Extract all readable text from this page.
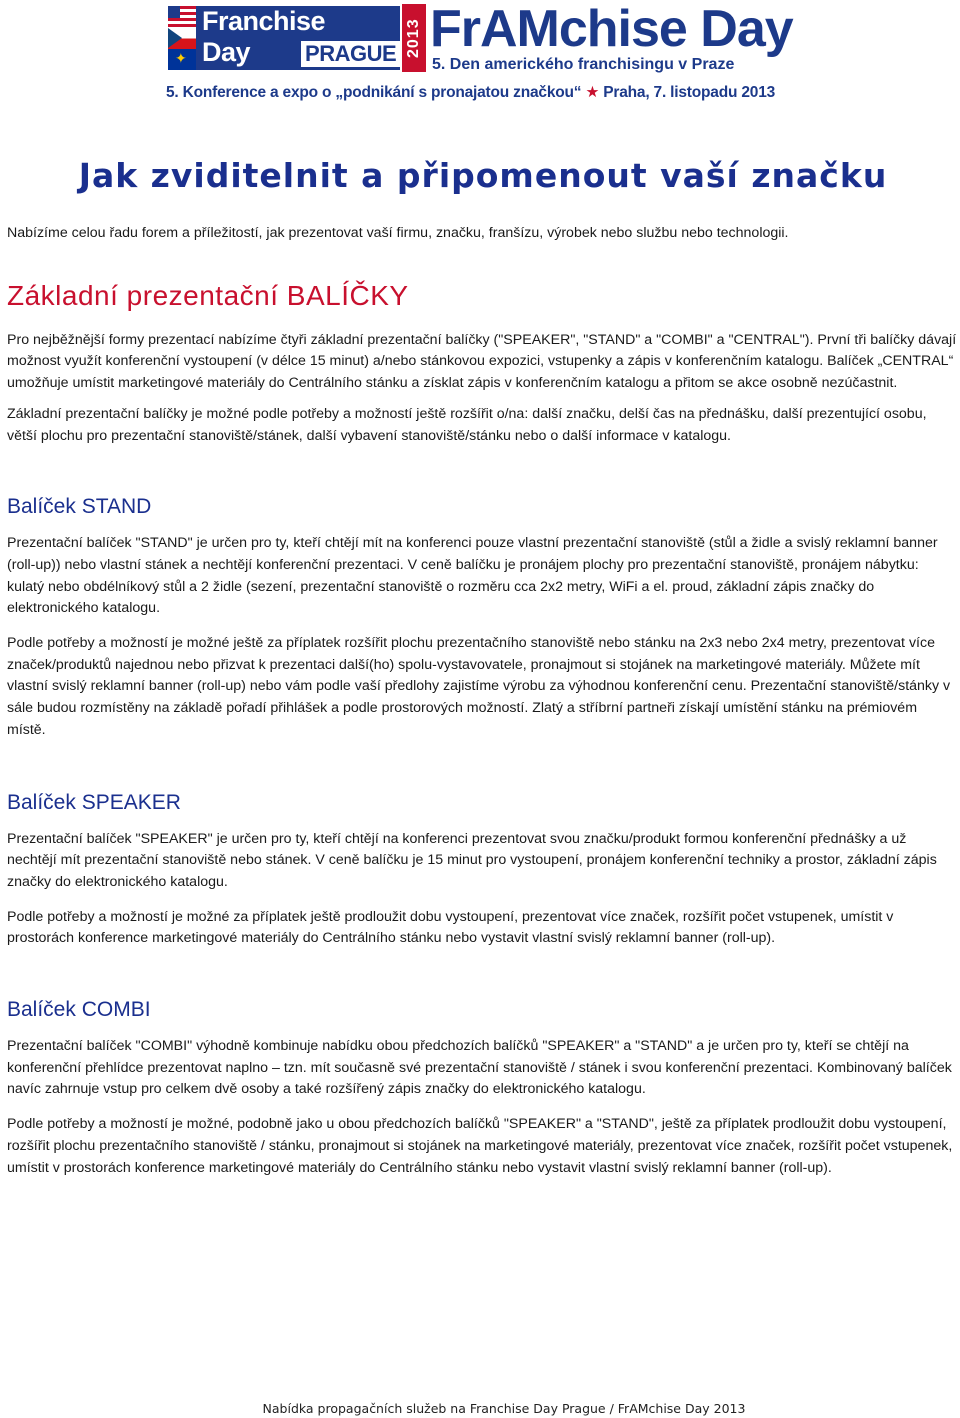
✦
Franchise
Day	PRAGUE 2013 FrAMchise Day
5. Den amerického franchisingu v Praze
5. Konference a expo o „podnikání s pronajatou značkou“ ★ Praha, 7. listopadu 2013
Jak zviditelnit a připomenout vaší značku

Nabízíme celou řadu forem a příležitostí, jak prezentovat vaší firmu, značku, franšízu, výrobek nebo službu nebo technologii.

Základní prezentační BALÍČKY

Pro nejběžnější formy prezentací nabízíme čtyři základní prezentační balíčky ("SPEAKER", "STAND" a "COMBI" a "CENTRAL"). První tři balíčky dávají možnost využít konferenční vystoupení (v délce 15 minut) a/nebo stánkovou expozici, vstupenky a zápis v konferenčním katalogu. Balíček „CENTRAL“ umožňuje umístit marketingové materiály do Centrálního stánku a získlat zápis v konferenčním katalogu a přitom se akce osobně nezúčastnit.

Základní prezentační balíčky je možné podle potřeby a možností ještě rozšířit o/na: další značku, delší čas na přednášku, další prezentující osobu, větší plochu pro prezentační stanoviště/stánek, další vybavení stanoviště/stánku nebo o další informace v katalogu.

Balíček STAND

Prezentační balíček "STAND" je určen pro ty, kteří chtějí mít na konferenci pouze vlastní prezentační stanoviště (stůl a židle a svislý reklamní banner (roll-up)) nebo vlastní stánek a nechtějí konferenční prezentaci. V ceně balíčku je pronájem plochy pro prezentační stanoviště, pronájem nábytku: kulatý nebo obdélníkový stůl a 2 židle (sezení, prezentační stanoviště o rozměru cca 2x2 metry, WiFi a el. proud, základní zápis značky do elektronického katalogu.

Podle potřeby a možností je možné ještě za příplatek rozšířit plochu prezentačního stanoviště nebo stánku na 2x3 nebo 2x4 metry, prezentovat více značek/produktů najednou nebo přizvat k prezentaci další(ho) spolu-vystavovatele, pronajmout si stojánek na marketingové materiály. Můžete mít vlastní svislý reklamní banner (roll-up) nebo vám podle vaší předlohy zajistíme výrobu za výhodnou konferenční cenu. Prezentační stanoviště/stánky v sále budou rozmístěny na základě pořadí přihlášek a podle prostorových možností. Zlatý a stříbrní partneři získají umístění stánku na prémiovém místě.

Balíček SPEAKER

Prezentační balíček "SPEAKER" je určen pro ty, kteří chtějí na konferenci prezentovat svou značku/produkt formou konferenční přednášky a už nechtějí mít prezentační stanoviště nebo stánek. V ceně balíčku je 15 minut pro vystoupení, pronájem konferenční techniky a prostor, základní zápis značky do elektronického katalogu.

Podle potřeby a možností je možné za příplatek ještě prodloužit dobu vystoupení, prezentovat více značek, rozšířit počet vstupenek, umístit v prostorách konference marketingové materiály do Centrálního stánku nebo vystavit vlastní svislý reklamní banner (roll-up).

Balíček COMBI

Prezentační balíček "COMBI" výhodně kombinuje nabídku obou předchozích balíčků "SPEAKER" a "STAND" a je určen pro ty, kteří se chtějí na konferenční přehlídce prezentovat naplno – tzn. mít současně své prezentační stanoviště / stánek i svou konferenční prezentaci. Kombinovaný balíček navíc zahrnuje vstup pro celkem dvě osoby a také rozšířený zápis značky do elektronického katalogu.

Podle potřeby a možností je možné, podobně jako u obou předchozích balíčků "SPEAKER" a "STAND", ještě za příplatek prodloužit dobu vystoupení, rozšířit plochu prezentačního stanoviště / stánku, pronajmout si stojánek na marketingové materiály, prezentovat více značek, rozšířit počet vstupenek, umístit v prostorách konference marketingové materiály do Centrálního stánku nebo vystavit vlastní svislý reklamní banner (roll-up).

Nabídka propagačních služeb na Franchise Day Prague / FrAMchise Day 2013
